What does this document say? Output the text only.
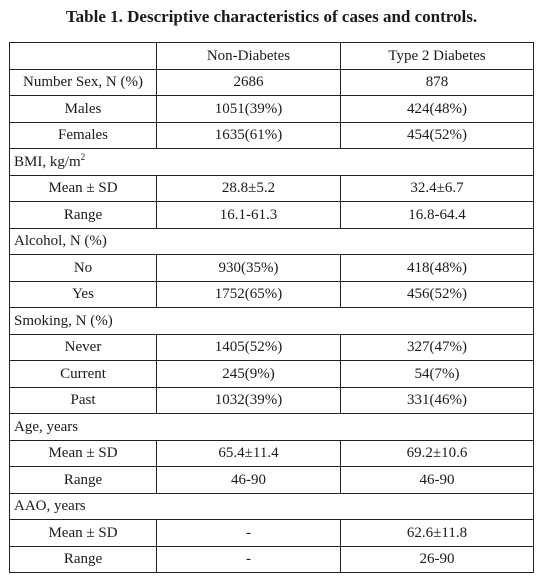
Table 1. Descriptive characteristics of cases and controls.
	Non-Diabetes	Type 2 Diabetes
Number Sex, N (%)	2686	878
Males	1051(39%)	424(48%)
Females	1635(61%)	454(52%)
BMI, $kg/m^2$
Mean ± SD	28.8±5.2	32.4±6.7
Range	16.1-61.3	16.8-64.4
Alcohol, N (%)		
No	930(35%)	418(48%)
Yes	1752(65%)	456(52%)
Smoking, N (%)		
Never	1405(52%)	327(47%)
Current	245(9%)	54(7%)
Past	1032(39%)	331(46%)
Age, years		
Mean ± SD	65.4±11.4	69.2±10.6
Range	46-90	46-90
AAO, years		
Mean ± SD	-	62.6±11.8
Range	-	26-90
